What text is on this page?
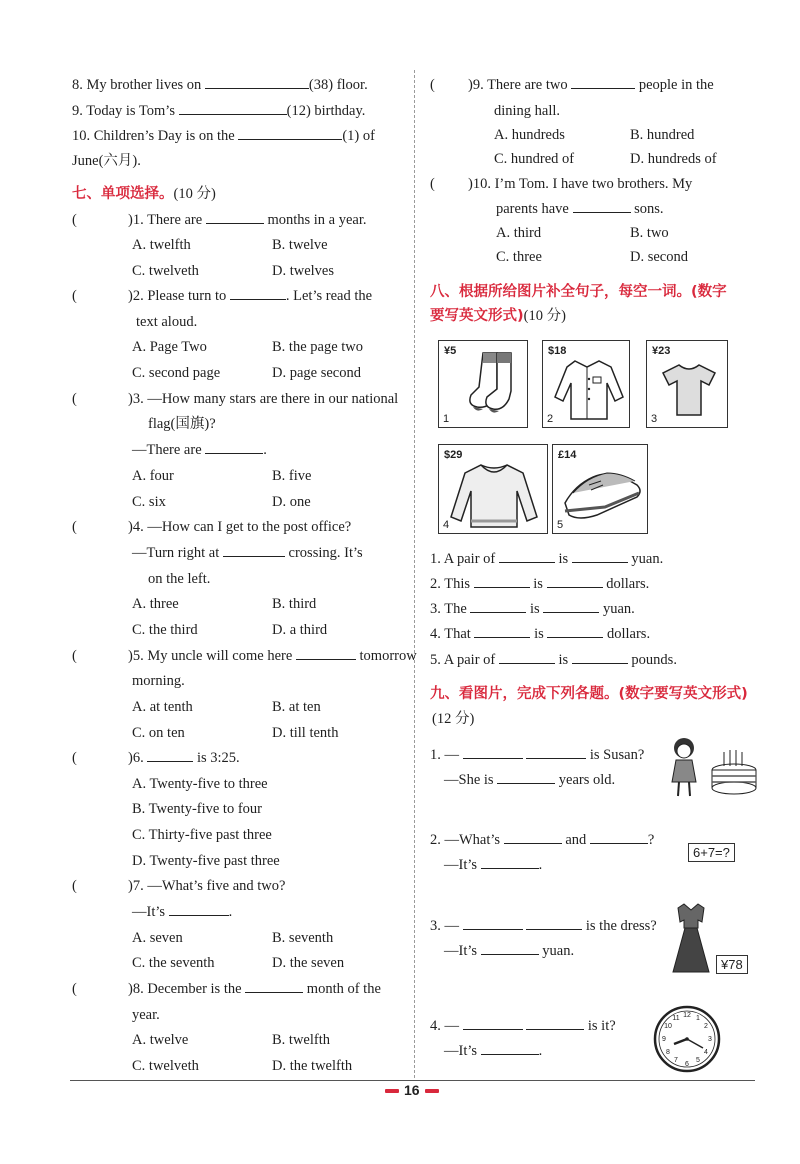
8. My brother lives on	(38) floor.
9. Today is Tom’s	(12) birthday.
10. Children’s Day is on the	(1) of
June(六月).
七、单项选择。(10 分)
(	)1. There are	months in a year.
A. twelfth	B. twelve
C. twelveth	D. twelves
(	)2. Please turn to	. Let’s read the
text aloud.
A. Page Two	B. the page two
C. second page	D. page second
(	)3. —How many stars are there in our national
flag(国旗)?
—There are	.
A. four	B. five
C. six	D. one
(	)4. —How can I get to the post office?
—Turn right at	crossing. It’s
on the left.
A. three	B. third
C. the third	D. a third
(	)5. My uncle will come here	tomorrow
morning.
A. at tenth	B. at ten
C. on ten	D. till tenth
(	)6.	is 3:25.
A. Twenty-five to three
B. Twenty-five to four
C. Thirty-five past three
D. Twenty-five past three
(	)7. —What’s five and two?
—It’s	.
A. seven	B. seventh
C. the seventh	D. the seven
(	)8. December is the	month of the
year.
A. twelve	B. twelfth
C. twelveth	D. the twelfth
( )9. There are two	people in the
dining hall.
A. hundreds	B. hundred
C. hundred of	D. hundreds of
( )10. I’m Tom. I have two brothers. My
parents have	sons.
A. third	B. two
C. three	D. second
八、根据所给图片补全句子，每空一词。(数字
要写英文形式)(10 分)
¥5
1
$18
2
¥23
3
$29
4
£14
5
1. A pair of	is	yuan.
2. This	is	dollars.
3. The	is	yuan.
4. That	is	dollars.
5. A pair of	is	pounds.
九、看图片，完成下列各题。(数字要写英文形式)
(12 分)
1. —	is Susan?
—She is	years old.
2. —What’s	and	?
—It’s	.
6+7=?
3. —	is the dress?
—It’s	yuan.
¥78
4. —	is it?
—It’s	.
12 1
2
3
4
5
6
7
8
9
10
11
16
